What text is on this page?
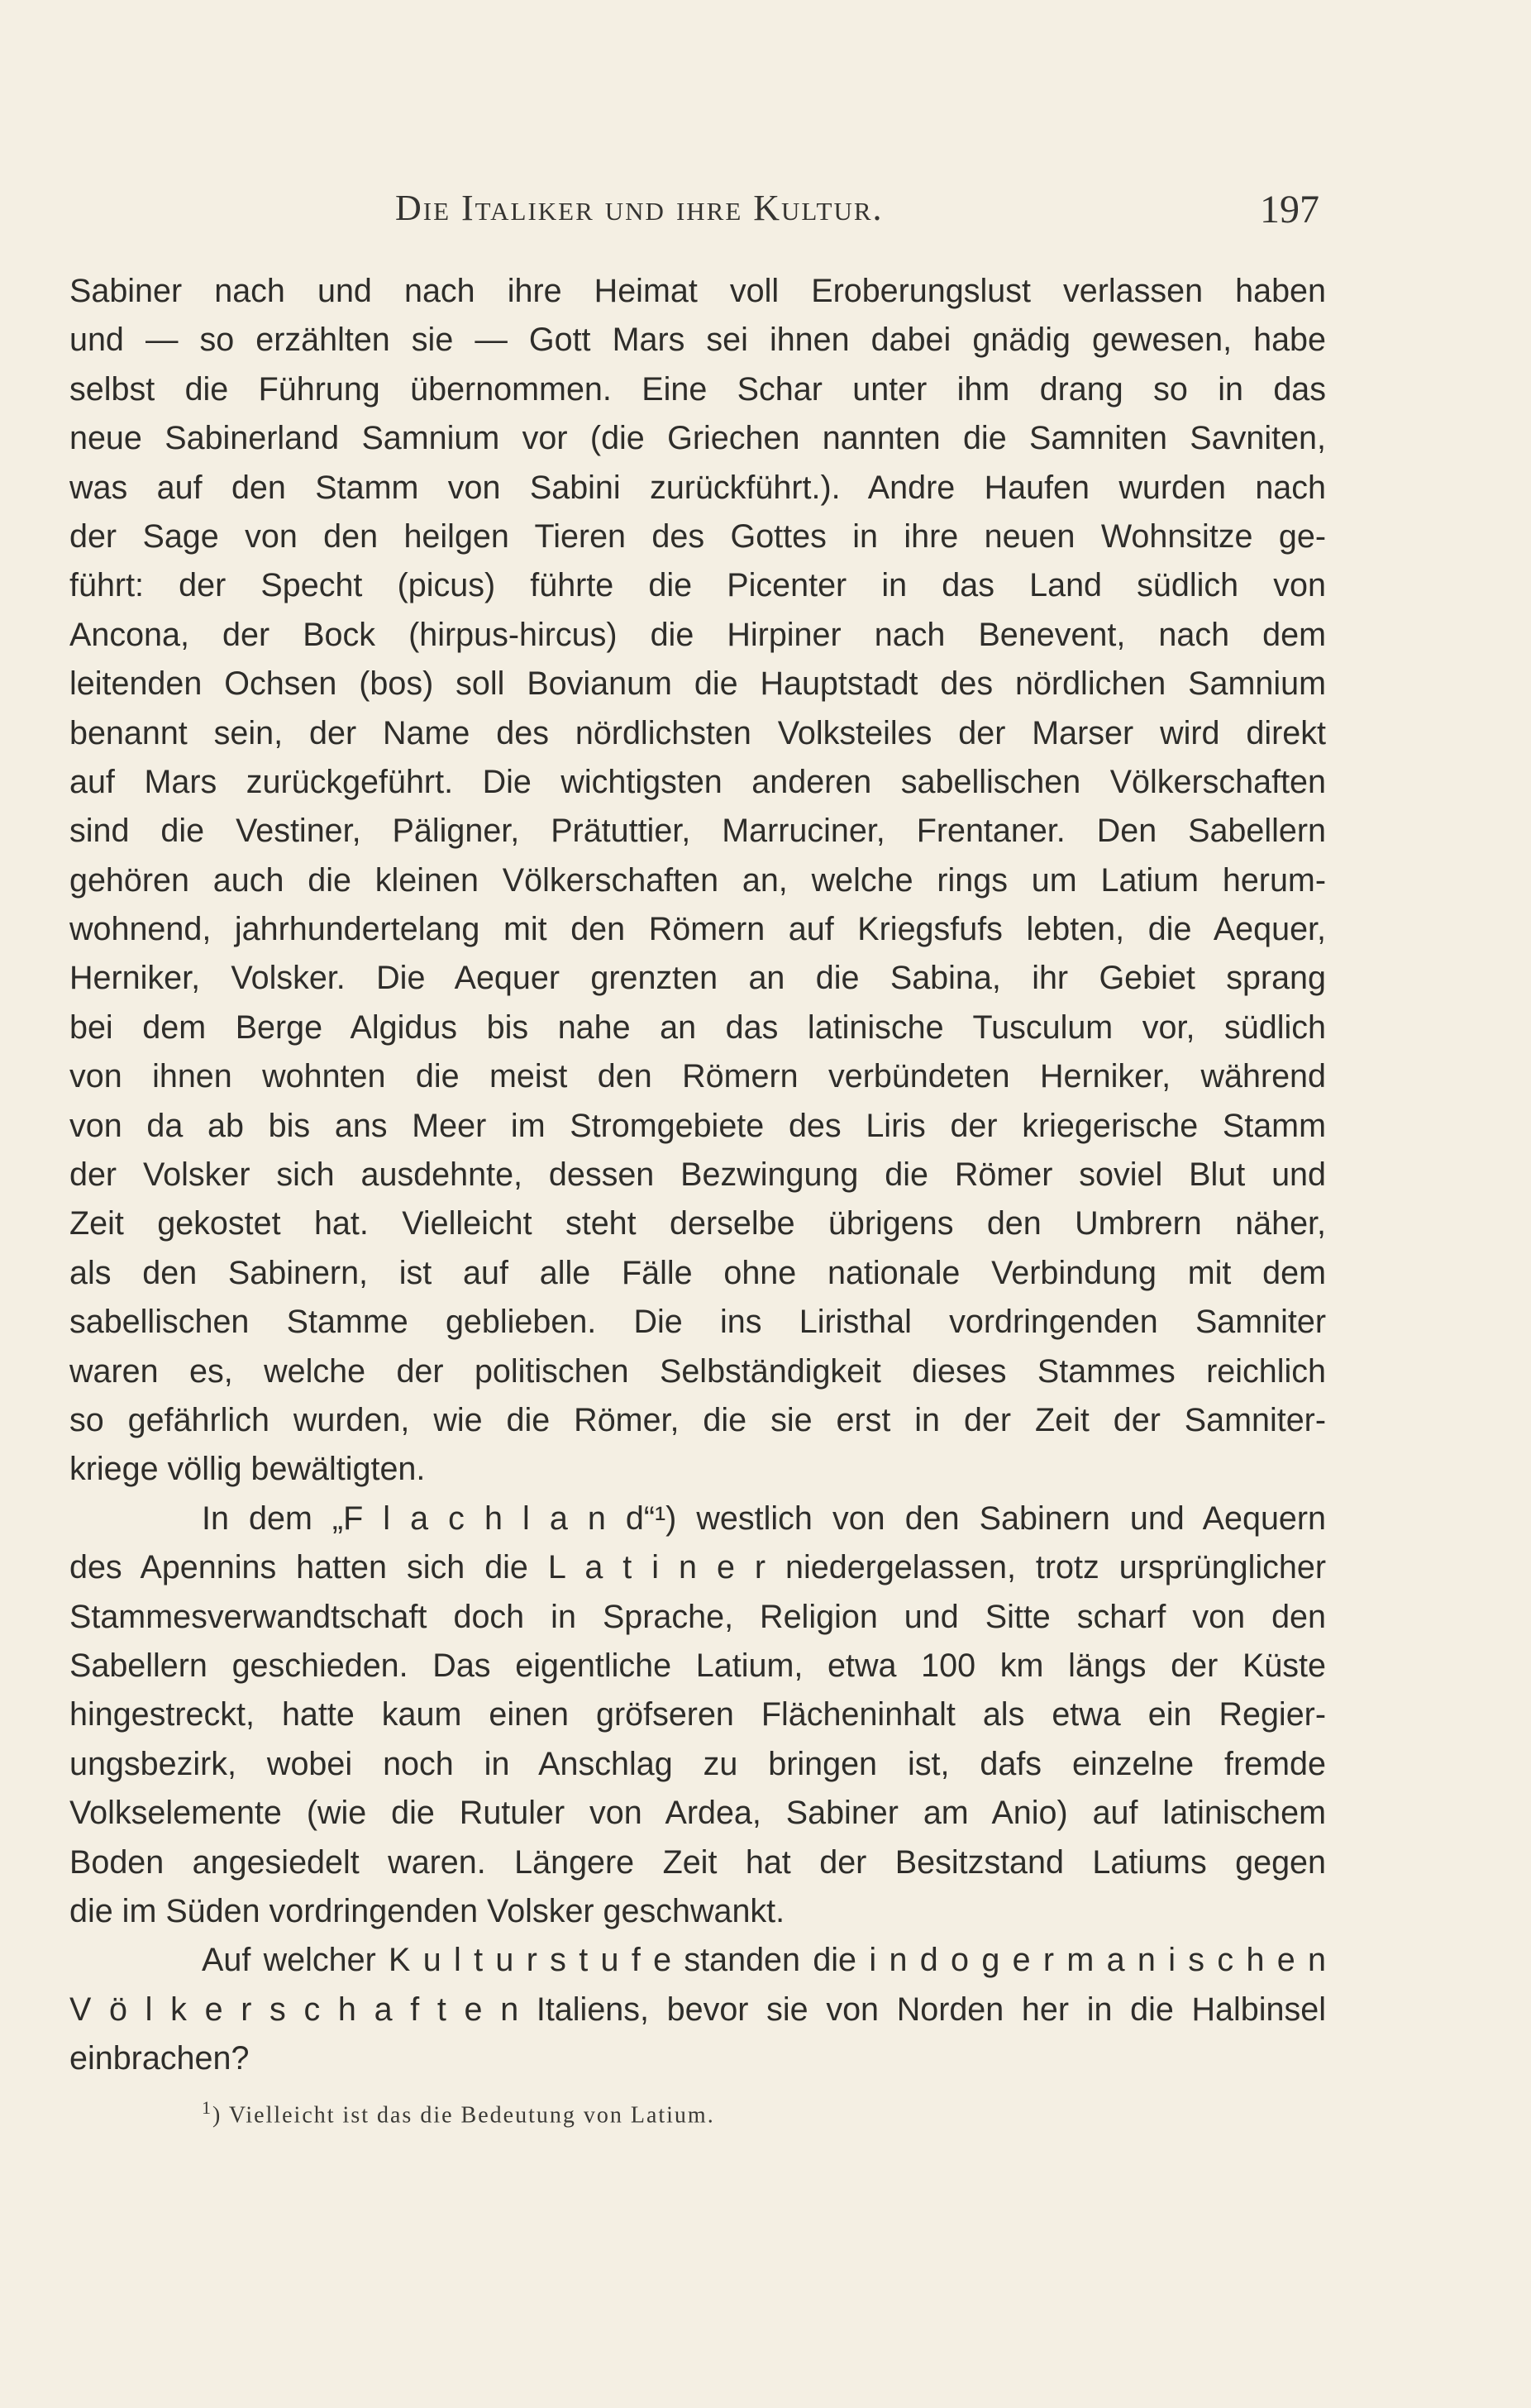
Die Italiker und ihre Kultur.	197
Sabiner nach und nach ihre Heimat voll Eroberungslust verlassen haben
und — so erzählten sie — Gott Mars sei ihnen dabei gnädig gewesen, habe
selbst die Führung übernommen. Eine Schar unter ihm drang so in das
neue Sabinerland Samnium vor (die Griechen nannten die Samniten Savniten,
was auf den Stamm von Sabini zurückführt.). Andre Haufen wurden nach
der Sage von den heilgen Tieren des Gottes in ihre neuen Wohnsitze ge-
führt: der Specht (picus) führte die Picenter in das Land südlich von
Ancona, der Bock (hirpus-hircus) die Hirpiner nach Benevent, nach dem
leitenden Ochsen (bos) soll Bovianum die Hauptstadt des nördlichen Samnium
benannt sein, der Name des nördlichsten Volksteiles der Marser wird direkt
auf Mars zurückgeführt. Die wichtigsten anderen sabellischen Völkerschaften
sind die Vestiner, Päligner, Prätuttier, Marruciner, Frentaner. Den Sabellern
gehören auch die kleinen Völkerschaften an, welche rings um Latium herum-
wohnend, jahrhundertelang mit den Römern auf Kriegsfufs lebten, die Aequer,
Herniker, Volsker. Die Aequer grenzten an die Sabina, ihr Gebiet sprang
bei dem Berge Algidus bis nahe an das latinische Tusculum vor, südlich
von ihnen wohnten die meist den Römern verbündeten Herniker, während
von da ab bis ans Meer im Stromgebiete des Liris der kriegerische Stamm
der Volsker sich ausdehnte, dessen Bezwingung die Römer soviel Blut und
Zeit gekostet hat. Vielleicht steht derselbe übrigens den Umbrern näher,
als den Sabinern, ist auf alle Fälle ohne nationale Verbindung mit dem
sabellischen Stamme geblieben. Die ins Liristhal vordringenden Samniter
waren es, welche der politischen Selbständigkeit dieses Stammes reichlich
so gefährlich wurden, wie die Römer, die sie erst in der Zeit der Samniter-
kriege völlig bewältigten.
In dem „F l a c h l a n d“¹) westlich von den Sabinern und Aequern
des Apennins hatten sich die L a t i n e r niedergelassen, trotz ursprünglicher
Stammesverwandtschaft doch in Sprache, Religion und Sitte scharf von den
Sabellern geschieden. Das eigentliche Latium, etwa 100 km längs der Küste
hingestreckt, hatte kaum einen gröfseren Flächeninhalt als etwa ein Regier-
ungsbezirk, wobei noch in Anschlag zu bringen ist, dafs einzelne fremde
Volkselemente (wie die Rutuler von Ardea, Sabiner am Anio) auf latinischem
Boden angesiedelt waren. Längere Zeit hat der Besitzstand Latiums gegen
die im Süden vordringenden Volsker geschwankt.
Auf welcher K u l t u r s t u f e standen die i n d o g e r m a n i s c h e n
V ö l k e r s c h a f t e n Italiens, bevor sie von Norden her in die Halbinsel
einbrachen?
$^1$) Vielleicht ist das die Bedeutung von Latium.
